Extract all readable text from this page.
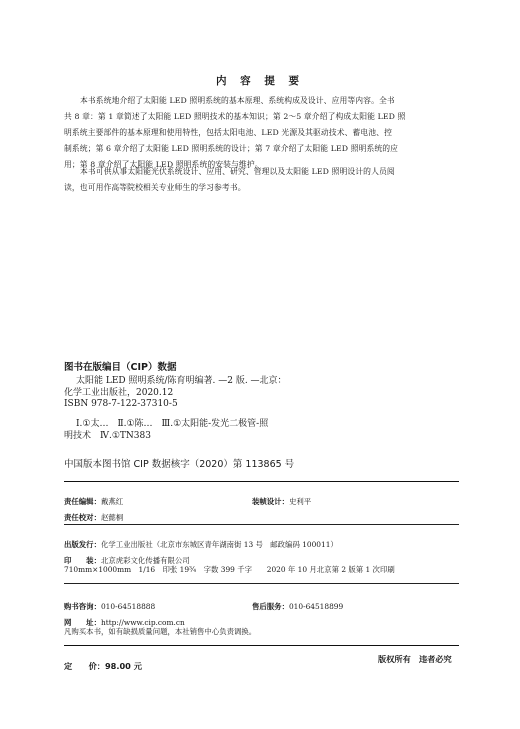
内 容 提 要
本书系统地介绍了太阳能 LED 照明系统的基本原理、系统构成及设计、应用等内容。全书
共 8 章：第 1 章简述了太阳能 LED 照明技术的基本知识；第 2～5 章介绍了构成太阳能 LED 照
明系统主要部件的基本原理和使用特性，包括太阳电池、LED 光源及其驱动技术、蓄电池、控
制系统；第 6 章介绍了太阳能 LED 照明系统的设计；第 7 章介绍了太阳能 LED 照明系统的应
用；第 8 章介绍了太阳能 LED 照明系统的安装与维护。
本书可供从事太阳能光伏系统设计、应用、研究、管理以及太阳能 LED 照明设计的人员阅
读，也可用作高等院校相关专业师生的学习参考书。
图书在版编目（CIP）数据
太阳能 LED 照明系统/陈育明编著. —2 版. —北京：
化学工业出版社，2020.12
ISBN 978-7-122-37310-5
Ⅰ.①太…　Ⅱ.①陈…　Ⅲ.①太阳能-发光二极管-照
明技术　Ⅳ.①TN383
中国版本图书馆 CIP 数据核字（2020）第 113865 号
责任编辑：戴燕红	装帧设计：史利平
责任校对：赵懿桐
出版发行：化学工业出版社（北京市东城区青年湖南街 13 号　邮政编码 100011）
印　　装：北京虎彩文化传播有限公司
710mm×1000mm　1/16　印张 19¾　字数 399 千字　　2020 年 10 月北京第 2 版第 1 次印刷
购书咨询：010-64518888	售后服务：010-64518899
网　　址：http://www.cip.com.cn
凡购买本书，如有缺损质量问题，本社销售中心负责调换。
定　　价：98.00 元
版权所有　违者必究
